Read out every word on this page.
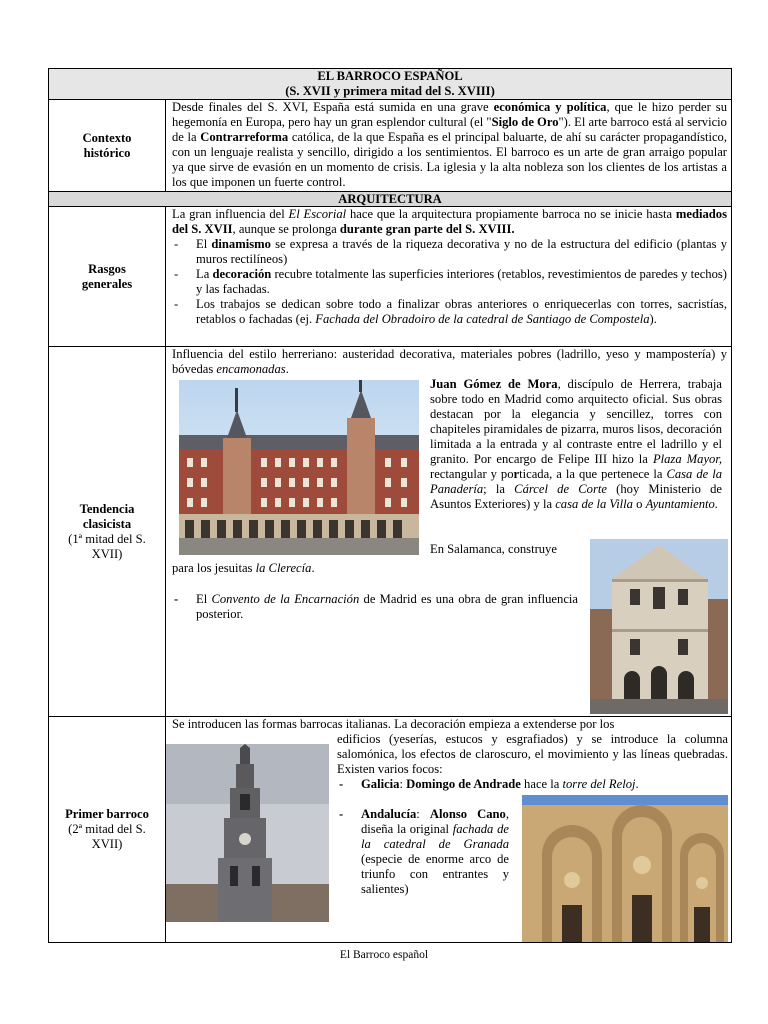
EL BARROCO ESPAÑOL
(S. XVII y primera mitad del S. XVIII)
Contexto
histórico

Desde finales del S. XVI, España está sumida en una grave económica y política, que le hizo perder su hegemonía en Europa, pero hay un gran esplendor cultural (el "Siglo de Oro"). El arte barroco está al servicio de la Contrarreforma católica, de la que España es el principal baluarte, de ahí su carácter propagandístico, con un lenguaje realista y sencillo, dirigido a los sentimientos. El barroco es un arte de gran arraigo popular ya que sirve de evasión en un momento de crisis. La iglesia y la alta nobleza son los clientes de los artistas a los que imponen un fuerte control.

ARQUITECTURA
Rasgos
generales

La gran influencia del El Escorial hace que la arquitectura propiamente barroca no se inicie hasta mediados del S. XVII, aunque se prolonga durante gran parte del S. XVIII.

- El dinamismo se expresa a través de la riqueza decorativa y no de la estructura del edificio (plantas y muros rectilíneos)
- La decoración recubre totalmente las superficies interiores (retablos, revestimientos de paredes y techos) y las fachadas.
- Los trabajos se dedican sobre todo a finalizar obras anteriores o enriquecerlas con torres, sacristías, retablos o fachadas (ej. Fachada del Obradoiro de la catedral de Santiago de Compostela).
Tendencia
clasicista
(1ª mitad del S.
XVII)

Influencia del estilo herreriano: austeridad decorativa, materiales pobres (ladrillo, yeso y mampostería) y bóvedas encamonadas.

Juan Gómez de Mora, discípulo de Herrera, trabaja sobre todo en Madrid como arquitecto oficial. Sus obras destacan por la elegancia y sencillez, torres con chapiteles piramidales de pizarra, muros lisos, decoración limitada a la entrada y al contraste entre el ladrillo y el granito. Por encargo de Felipe III hizo la Plaza Mayor, rectangular y porticada, a la que pertenece la Casa de la Panadería; la Cárcel de Corte (hoy Ministerio de Asuntos Exteriores) y la casa de la Villa o Ayuntamiento.

En Salamanca, construye
para los jesuitas la Clerecía.
- El Convento de la Encarnación de Madrid es una obra de gran influencia posterior.
Primer barroco
(2ª mitad del S.
XVII)

Se introducen las formas barrocas italianas. La decoración empieza a extenderse por los

edificios (yeserías, estucos y esgrafiados) y se introduce la columna salomónica, los efectos de claroscuro, el movimiento y las líneas quebradas. Existen varios focos:

- Galicia: Domingo de Andrade hace la torre del Reloj.
- Andalucía: Alonso Cano, diseña la original fachada de la catedral de Granada (especie de enorme arco de triunfo con entrantes y salientes)
El Barroco español
